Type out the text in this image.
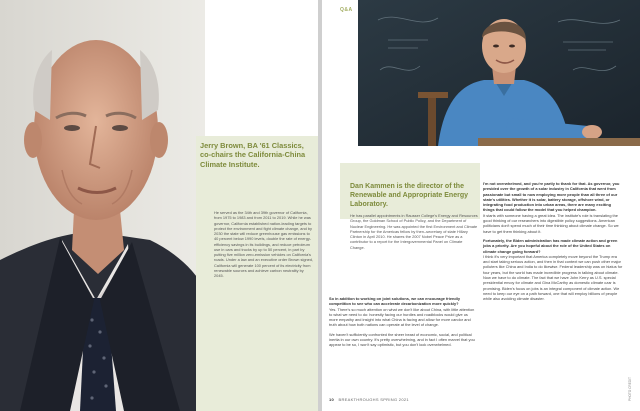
Jerry Brown, BA '61 Classics, co-chairs the California-China Climate Institute.
He served as the 34th and 39th governor of California, from 1975 to 1983 and from 2011 to 2019. While he was governor, California established nation-leading targets to protect the environment and fight climate change, and by 2030 the state will reduce greenhouse gas emissions to 40 percent below 1990 levels, double the rate of energy-efficiency savings in its buildings, and reduce petroleum use in cars and trucks by up to 50 percent, in part by putting five million zero-emission vehicles on California's roads. Under a law and an executive order Brown signed, California will generate 100 percent of its electricity from renewable sources and achieve carbon neutrality by 2045.
Q&A
Dan Kammen is the director of the Renewable and Appropriate Energy Laboratory.
He has parallel appointments in Rausser College's Energy and Resources Group, the Goldman School of Public Policy, and the Department of Nuclear Engineering. He was appointed the first Environment and Climate Partnership for the Americas fellow by then–secretary of state Hillary Clinton in April 2010. He shares the 2007 Nobel Peace Prize as a contributor to a report for the Intergovernmental Panel on Climate Change.

So in addition to working on joint solutions, we can encourage friendly competition to see who can accelerate decarbonization more quickly?

Yes. There's so much attention on what we don't like about China, with little attention to what we need to do: honestly facing our hurdles and roadblocks would give us more empathy and insight into what China is facing and allow for more candor and truth about how both nations can operate at the level of change.

We haven't sufficiently confronted the sheer beast of economic, social, and political inertia in our own country. It's pretty overwhelming, and in fact I often marvel that you appear to be so, I won't say optimistic, but you don't look overwhelmed.

I'm not overwhelmed, and you're partly to thank for that. As governor, you presided over the growth of a solar industry in California that went from passionate but small to now employing more people than all three of our state's utilities. Whether it is solar, battery storage, offshore wind, or integrating food production into urban areas, there are many exciting things that could follow the model that you helped champion.

It starts with someone having a great idea. The institute's role is translating the good thinking of our researchers into digestible policy suggestions. American politicians don't spend much of their time thinking about climate change. So we have to get them thinking about it.

Fortunately, the Biden administration has made climate action and green jobs a priority. Are you hopeful about the role of the United States on climate change going forward?

I think it's very important that America completely move beyond the Trump era and start taking serious action, and then in that context we can push other major polluters like China and India to do likewise. Federal leadership was on hiatus for four years, but the world has made incredible progress in talking about climate. Now we have to do climate. The fact that we have John Kerry as U.S. special presidential envoy for climate and Gina McCarthy as domestic climate czar is promising. Biden's focus on jobs is an integral component of climate action. We need to keep our eye on a path forward, one that will employ billions of people while also avoiding climate disaster.

PHOTO CREDIT
10 BREAKTHROUGHS SPRING 2021
